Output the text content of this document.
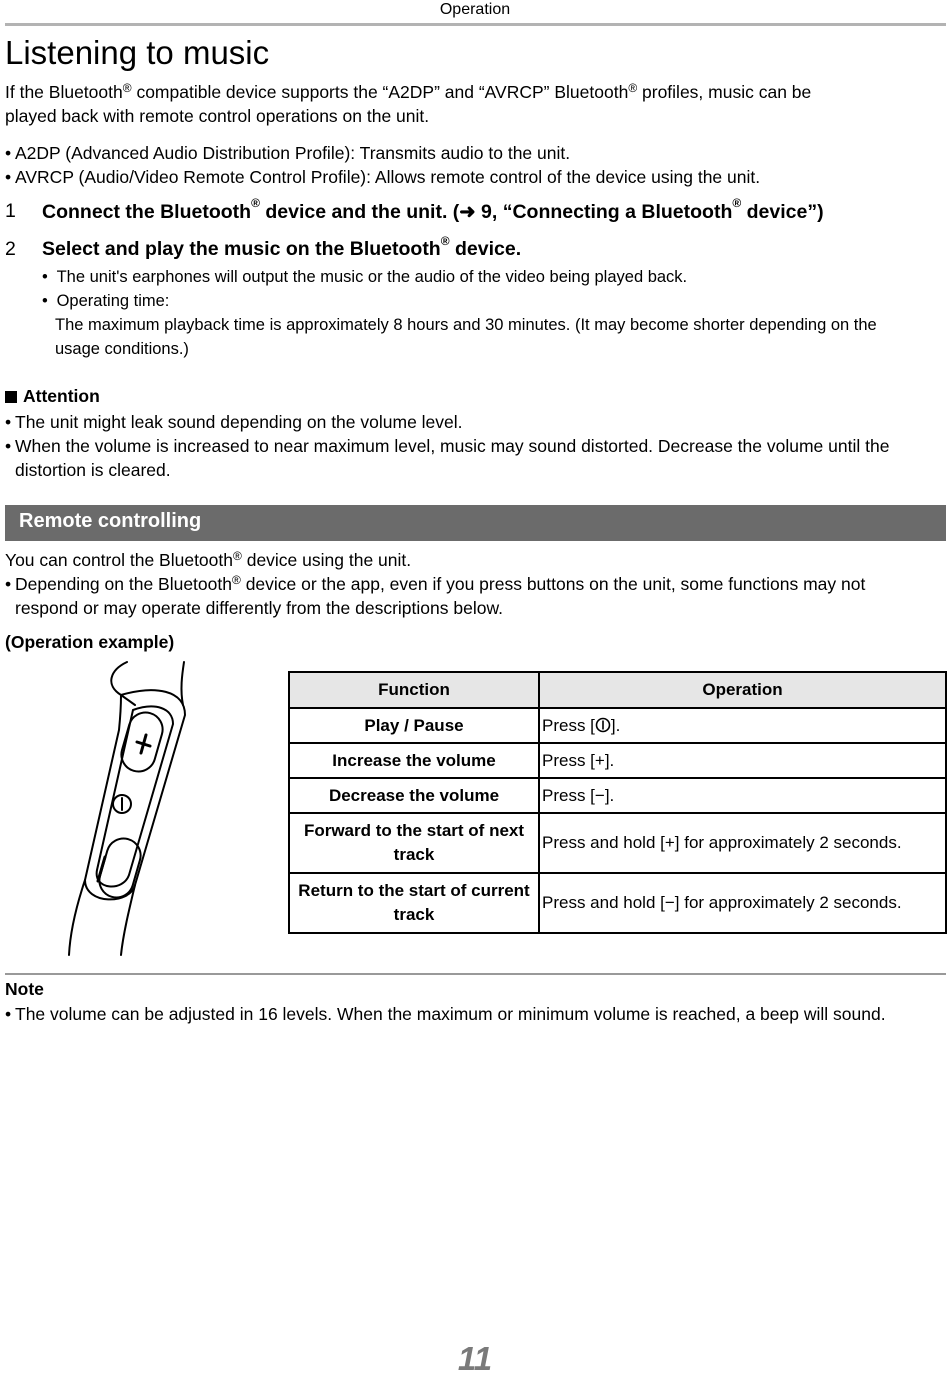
Operation
Listening to music
If the Bluetooth® compatible device supports the “A2DP” and “AVRCP” Bluetooth® profiles, music can be
played back with remote control operations on the unit.
• A2DP (Advanced Audio Distribution Profile): Transmits audio to the unit.
• AVRCP (Audio/Video Remote Control Profile): Allows remote control of the device using the unit.
1 Connect the Bluetooth® device and the unit. (➜ 9, “Connecting a Bluetooth® device”)
2 Select and play the music on the Bluetooth® device.
• The unit's earphones will output the music or the audio of the video being played back.
• Operating time:
The maximum playback time is approximately 8 hours and 30 minutes. (It may become shorter depending on the
usage conditions.)
Attention
• The unit might leak sound depending on the volume level.
• When the volume is increased to near maximum level, music may sound distorted. Decrease the volume until the
distortion is cleared.
Remote controlling
You can control the Bluetooth® device using the unit.
• Depending on the Bluetooth® device or the app, even if you press buttons on the unit, some functions may not
respond or may operate differently from the descriptions below.
(Operation example)
Function	Operation
Play / Pause	Press [ ].
Increase the volume	Press [+].
Decrease the volume	Press [−].

Forward to the start of next
track	Press and hold [+] for approximately 2 seconds.

Return to the start of current
track	Press and hold [−] for approximately 2 seconds.
Note
• The volume can be adjusted in 16 levels. When the maximum or minimum volume is reached, a beep will sound.
11
